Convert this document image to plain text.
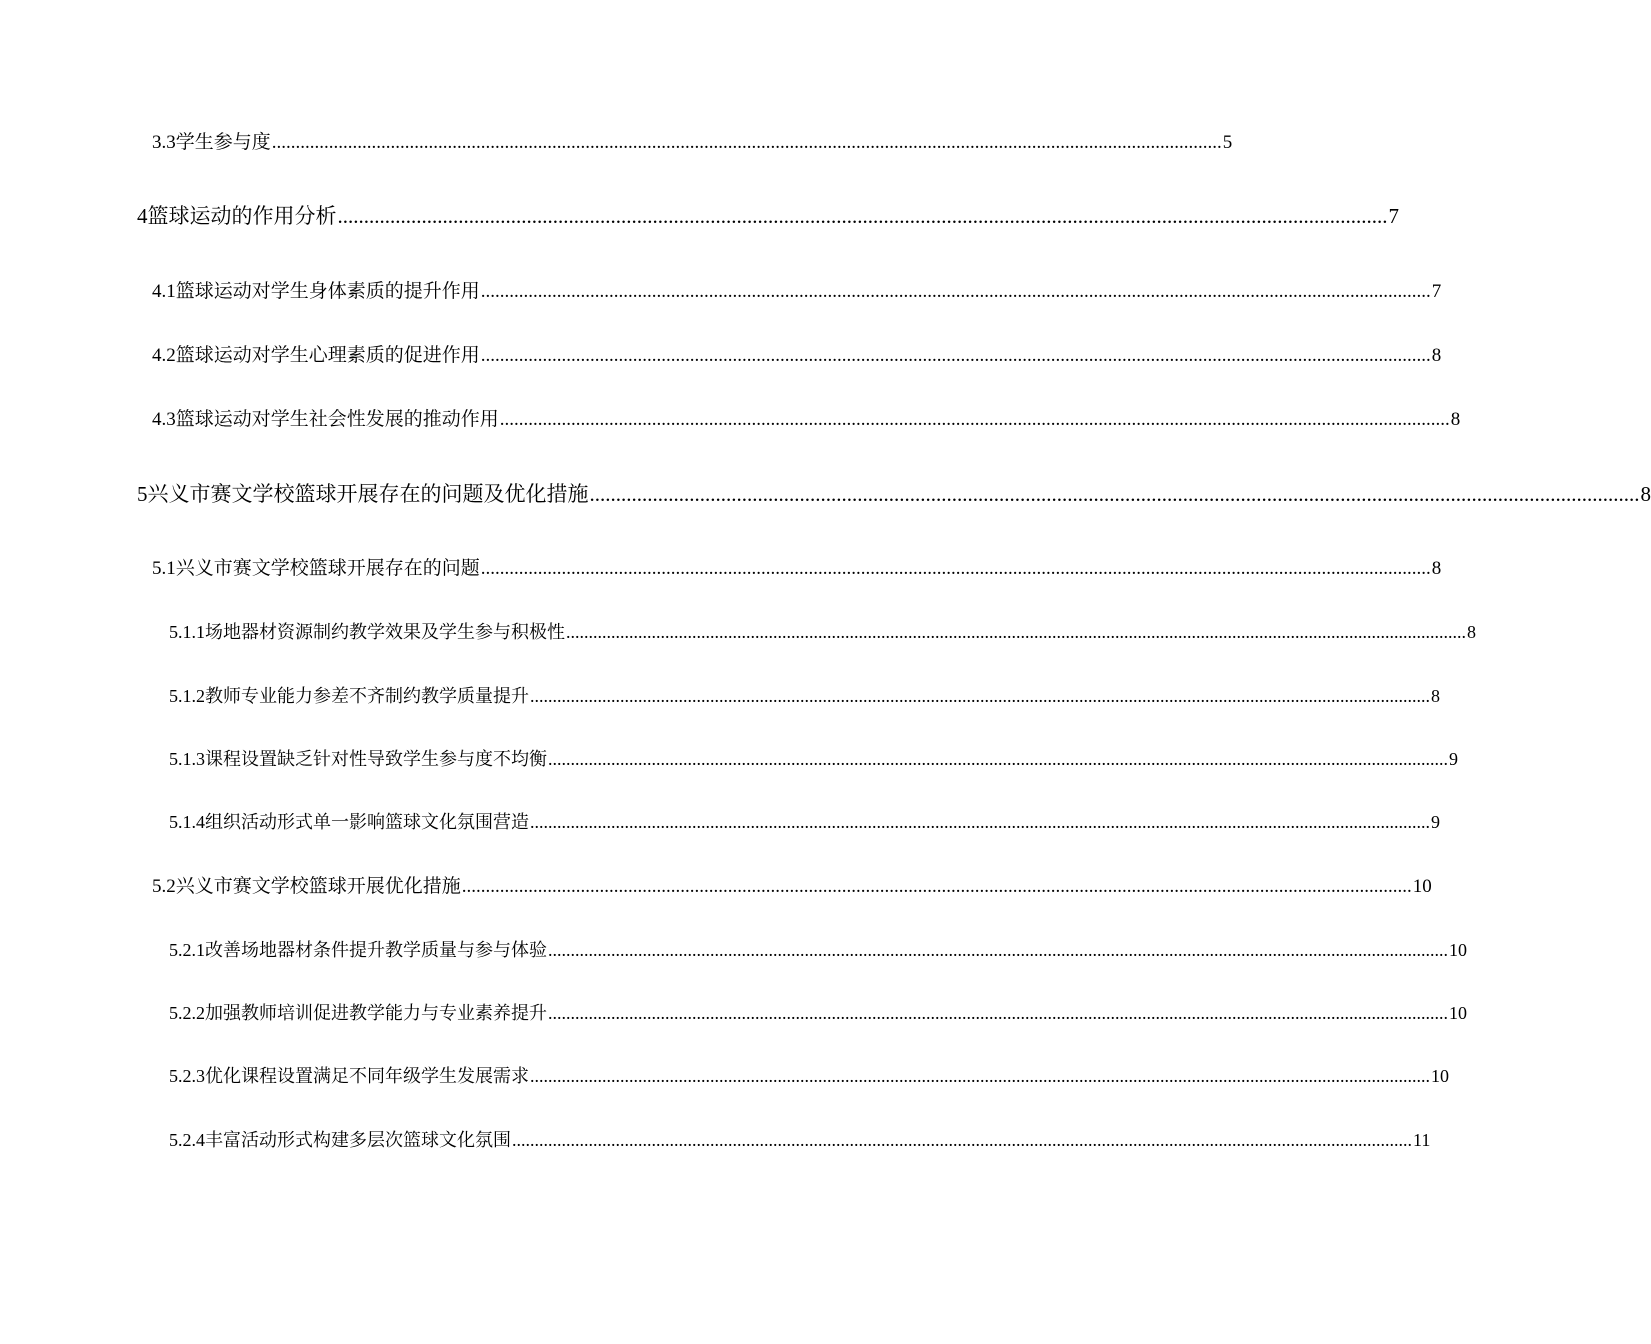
3.3 学生参与度 ........................................................................................................................................................................................................ 5
4 篮球运动的作用分析 ........................................................................................................................................................................................................ 7
4.1 篮球运动对学生身体素质的提升作用 ........................................................................................................................................................................................................ 7
4.2 篮球运动对学生心理素质的促进作用 ........................................................................................................................................................................................................ 8
4.3 篮球运动对学生社会性发展的推动作用 ........................................................................................................................................................................................................ 8
5 兴义市赛文学校篮球开展存在的问题及优化措施 ........................................................................................................................................................................................................ 8
5.1 兴义市赛文学校篮球开展存在的问题 ........................................................................................................................................................................................................ 8
5.1.1 场地器材资源制约教学效果及学生参与积极性 ........................................................................................................................................................................................................ 8
5.1.2 教师专业能力参差不齐制约教学质量提升 ........................................................................................................................................................................................................ 8
5.1.3 课程设置缺乏针对性导致学生参与度不均衡 ........................................................................................................................................................................................................ 9
5.1.4 组织活动形式单一影响篮球文化氛围营造 ........................................................................................................................................................................................................ 9
5.2 兴义市赛文学校篮球开展优化措施 ........................................................................................................................................................................................................ 10
5.2.1 改善场地器材条件提升教学质量与参与体验 ........................................................................................................................................................................................................ 10
5.2.2 加强教师培训促进教学能力与专业素养提升 ........................................................................................................................................................................................................ 10
5.2.3 优化课程设置满足不同年级学生发展需求 ........................................................................................................................................................................................................ 10
5.2.4 丰富活动形式构建多层次篮球文化氛围 ........................................................................................................................................................................................................ 11
